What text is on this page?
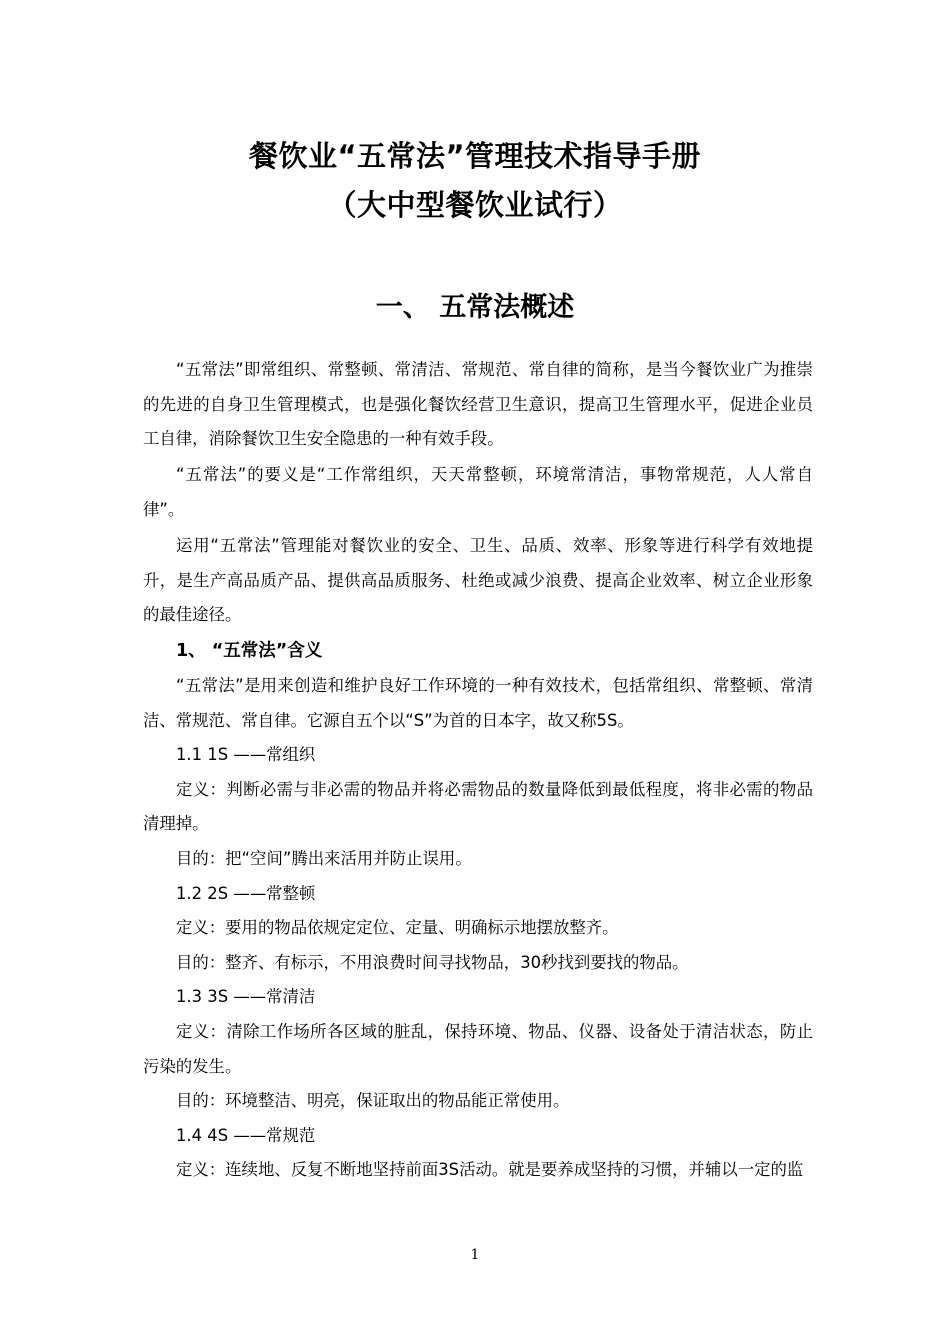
餐饮业“五常法”管理技术指导手册
（大中型餐饮业试行）
一、 五常法概述
“五常法”即常组织、常整顿、常清洁、常规范、常自律的简称，是当今餐饮业广为推崇的先进的自身卫生管理模式，也是强化餐饮经营卫生意识，提高卫生管理水平，促进企业员工自律，消除餐饮卫生安全隐患的一种有效手段。
“五常法”的要义是“工作常组织，天天常整顿，环境常清洁，事物常规范，人人常自律”。
运用“五常法”管理能对餐饮业的安全、卫生、品质、效率、形象等进行科学有效地提升，是生产高品质产品、提供高品质服务、杜绝或减少浪费、提高企业效率、树立企业形象的最佳途径。
1、 “五常法”含义
“五常法”是用来创造和维护良好工作环境的一种有效技术，包括常组织、常整顿、常清洁、常规范、常自律。它源自五个以“S”为首的日本字，故又称5S。
1.1 1S ——常组织
定义：判断必需与非必需的物品并将必需物品的数量降低到最低程度，将非必需的物品清理掉。
目的：把“空间”腾出来活用并防止误用。
1.2 2S ——常整顿
定义：要用的物品依规定定位、定量、明确标示地摆放整齐。
目的：整齐、有标示，不用浪费时间寻找物品，30秒找到要找的物品。
1.3 3S ——常清洁
定义：清除工作场所各区域的脏乱，保持环境、物品、仪器、设备处于清洁状态，防止污染的发生。
目的：环境整洁、明亮，保证取出的物品能正常使用。
1.4 4S ——常规范
定义：连续地、反复不断地坚持前面3S活动。就是要养成坚持的习惯，并辅以一定的监
1
